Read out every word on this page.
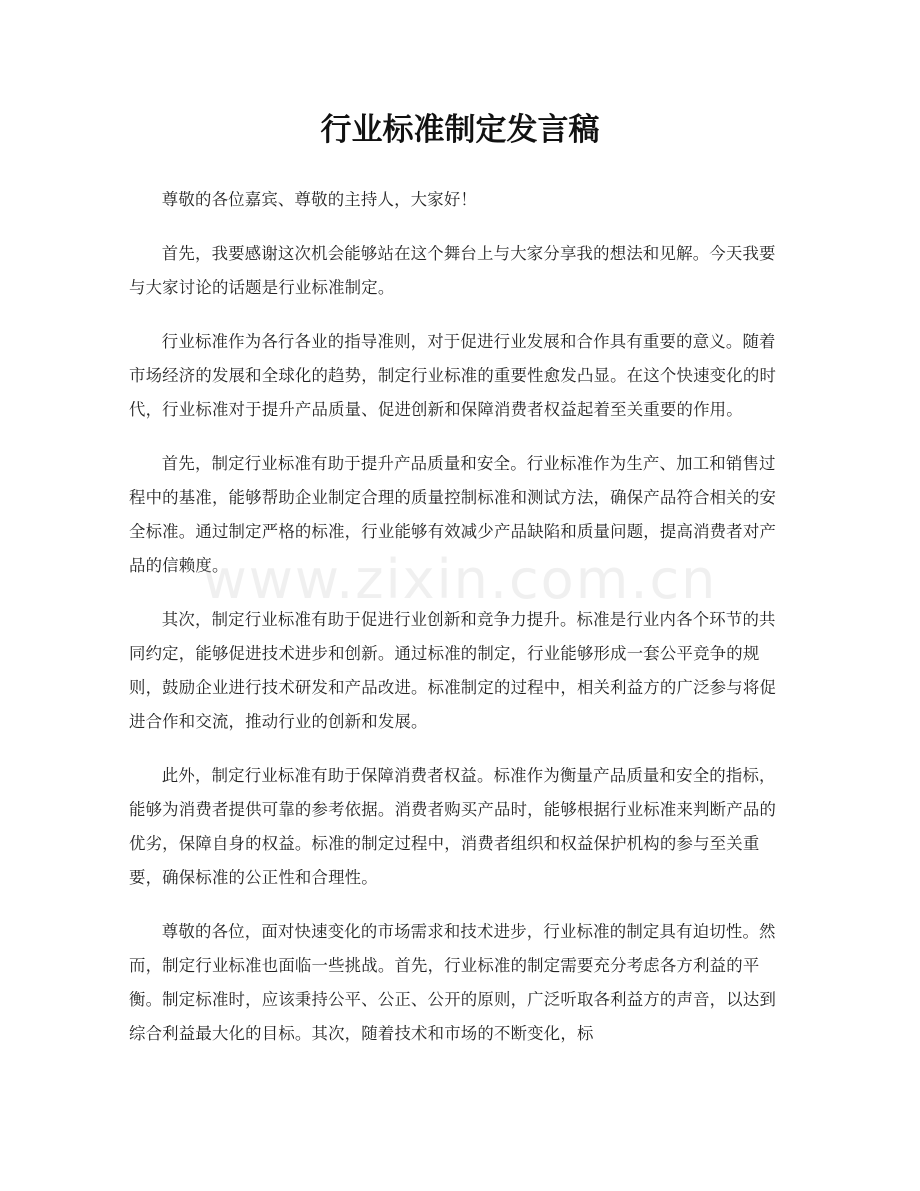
行业标准制定发言稿

尊敬的各位嘉宾、尊敬的主持人，大家好！

首先，我要感谢这次机会能够站在这个舞台上与大家分享我的想法和见解。今天我要与大家讨论的话题是行业标准制定。

行业标准作为各行各业的指导准则，对于促进行业发展和合作具有重要的意义。随着市场经济的发展和全球化的趋势，制定行业标准的重要性愈发凸显。在这个快速变化的时代，行业标准对于提升产品质量、促进创新和保障消费者权益起着至关重要的作用。

首先，制定行业标准有助于提升产品质量和安全。行业标准作为生产、加工和销售过程中的基准，能够帮助企业制定合理的质量控制标准和测试方法，确保产品符合相关的安全标准。通过制定严格的标准，行业能够有效减少产品缺陷和质量问题，提高消费者对产品的信赖度。

其次，制定行业标准有助于促进行业创新和竞争力提升。标准是行业内各个环节的共同约定，能够促进技术进步和创新。通过标准的制定，行业能够形成一套公平竞争的规则，鼓励企业进行技术研发和产品改进。标准制定的过程中，相关利益方的广泛参与将促进合作和交流，推动行业的创新和发展。

此外，制定行业标准有助于保障消费者权益。标准作为衡量产品质量和安全的指标，能够为消费者提供可靠的参考依据。消费者购买产品时，能够根据行业标准来判断产品的优劣，保障自身的权益。标准的制定过程中，消费者组织和权益保护机构的参与至关重要，确保标准的公正性和合理性。

尊敬的各位，面对快速变化的市场需求和技术进步，行业标准的制定具有迫切性。然而，制定行业标准也面临一些挑战。首先，行业标准的制定需要充分考虑各方利益的平衡。制定标准时，应该秉持公平、公正、公开的原则，广泛听取各利益方的声音，以达到综合利益最大化的目标。其次，随着技术和市场的不断变化，标

www.zixin.com.cn
